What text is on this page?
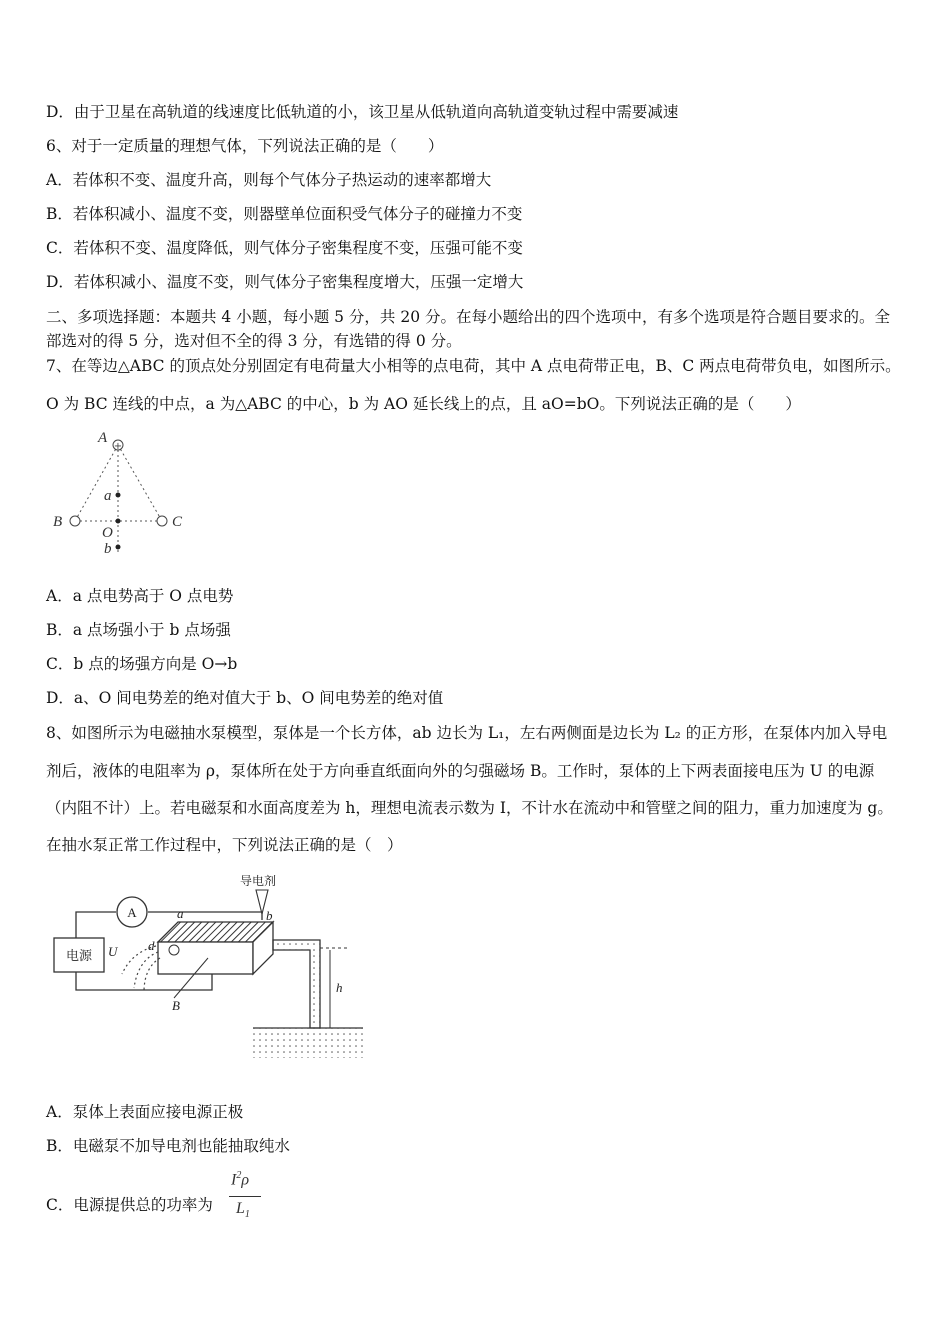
D．由于卫星在高轨道的线速度比低轨道的小，该卫星从低轨道向高轨道变轨过程中需要减速
6、对于一定质量的理想气体，下列说法正确的是（　　）
A．若体积不变、温度升高，则每个气体分子热运动的速率都增大
B．若体积减小、温度不变，则器壁单位面积受气体分子的碰撞力不变
C．若体积不变、温度降低，则气体分子密集程度不变，压强可能不变
D．若体积减小、温度不变，则气体分子密集程度增大，压强一定增大
二、多项选择题：本题共 4 小题，每小题 5 分，共 20 分。在每小题给出的四个选项中，有多个选项是符合题目要求的。全
部选对的得 5 分，选对但不全的得 3 分，有选错的得 0 分。
7、在等边△ABC 的顶点处分别固定有电荷量大小相等的点电荷，其中 A 点电荷带正电，B、C 两点电荷带负电，如图所示。
O 为 BC 连线的中点，a 为△ABC 的中心，b 为 AO 延长线上的点，且 aO=bO。下列说法正确的是（　　）
+
A
B	C
a
O
b
A．a 点电势高于 O 点电势
B．a 点场强小于 b 点场强
C．b 点的场强方向是 O→b
D．a、O 间电势差的绝对值大于 b、O 间电势差的绝对值
8、如图所示为电磁抽水泵模型，泵体是一个长方体，ab 边长为 L₁，左右两侧面是边长为 L₂ 的正方形，在泵体内加入导电
剂后，液体的电阻率为 ρ，泵体所在处于方向垂直纸面向外的匀强磁场 B。工作时，泵体的上下两表面接电压为 U 的电源
（内阻不计）上。若电磁泵和水面高度差为 h，理想电流表示数为 I，不计水在流动中和管壁之间的阻力，重力加速度为 g。
在抽水泵正常工作过程中，下列说法正确的是（　）
电源 U
A
h
导电剂
a	b
d
B
A．泵体上表面应接电源正极
B．电磁泵不加导电剂也能抽取纯水
C．电源提供总的功率为
$I^2\rho$
$L_1$
